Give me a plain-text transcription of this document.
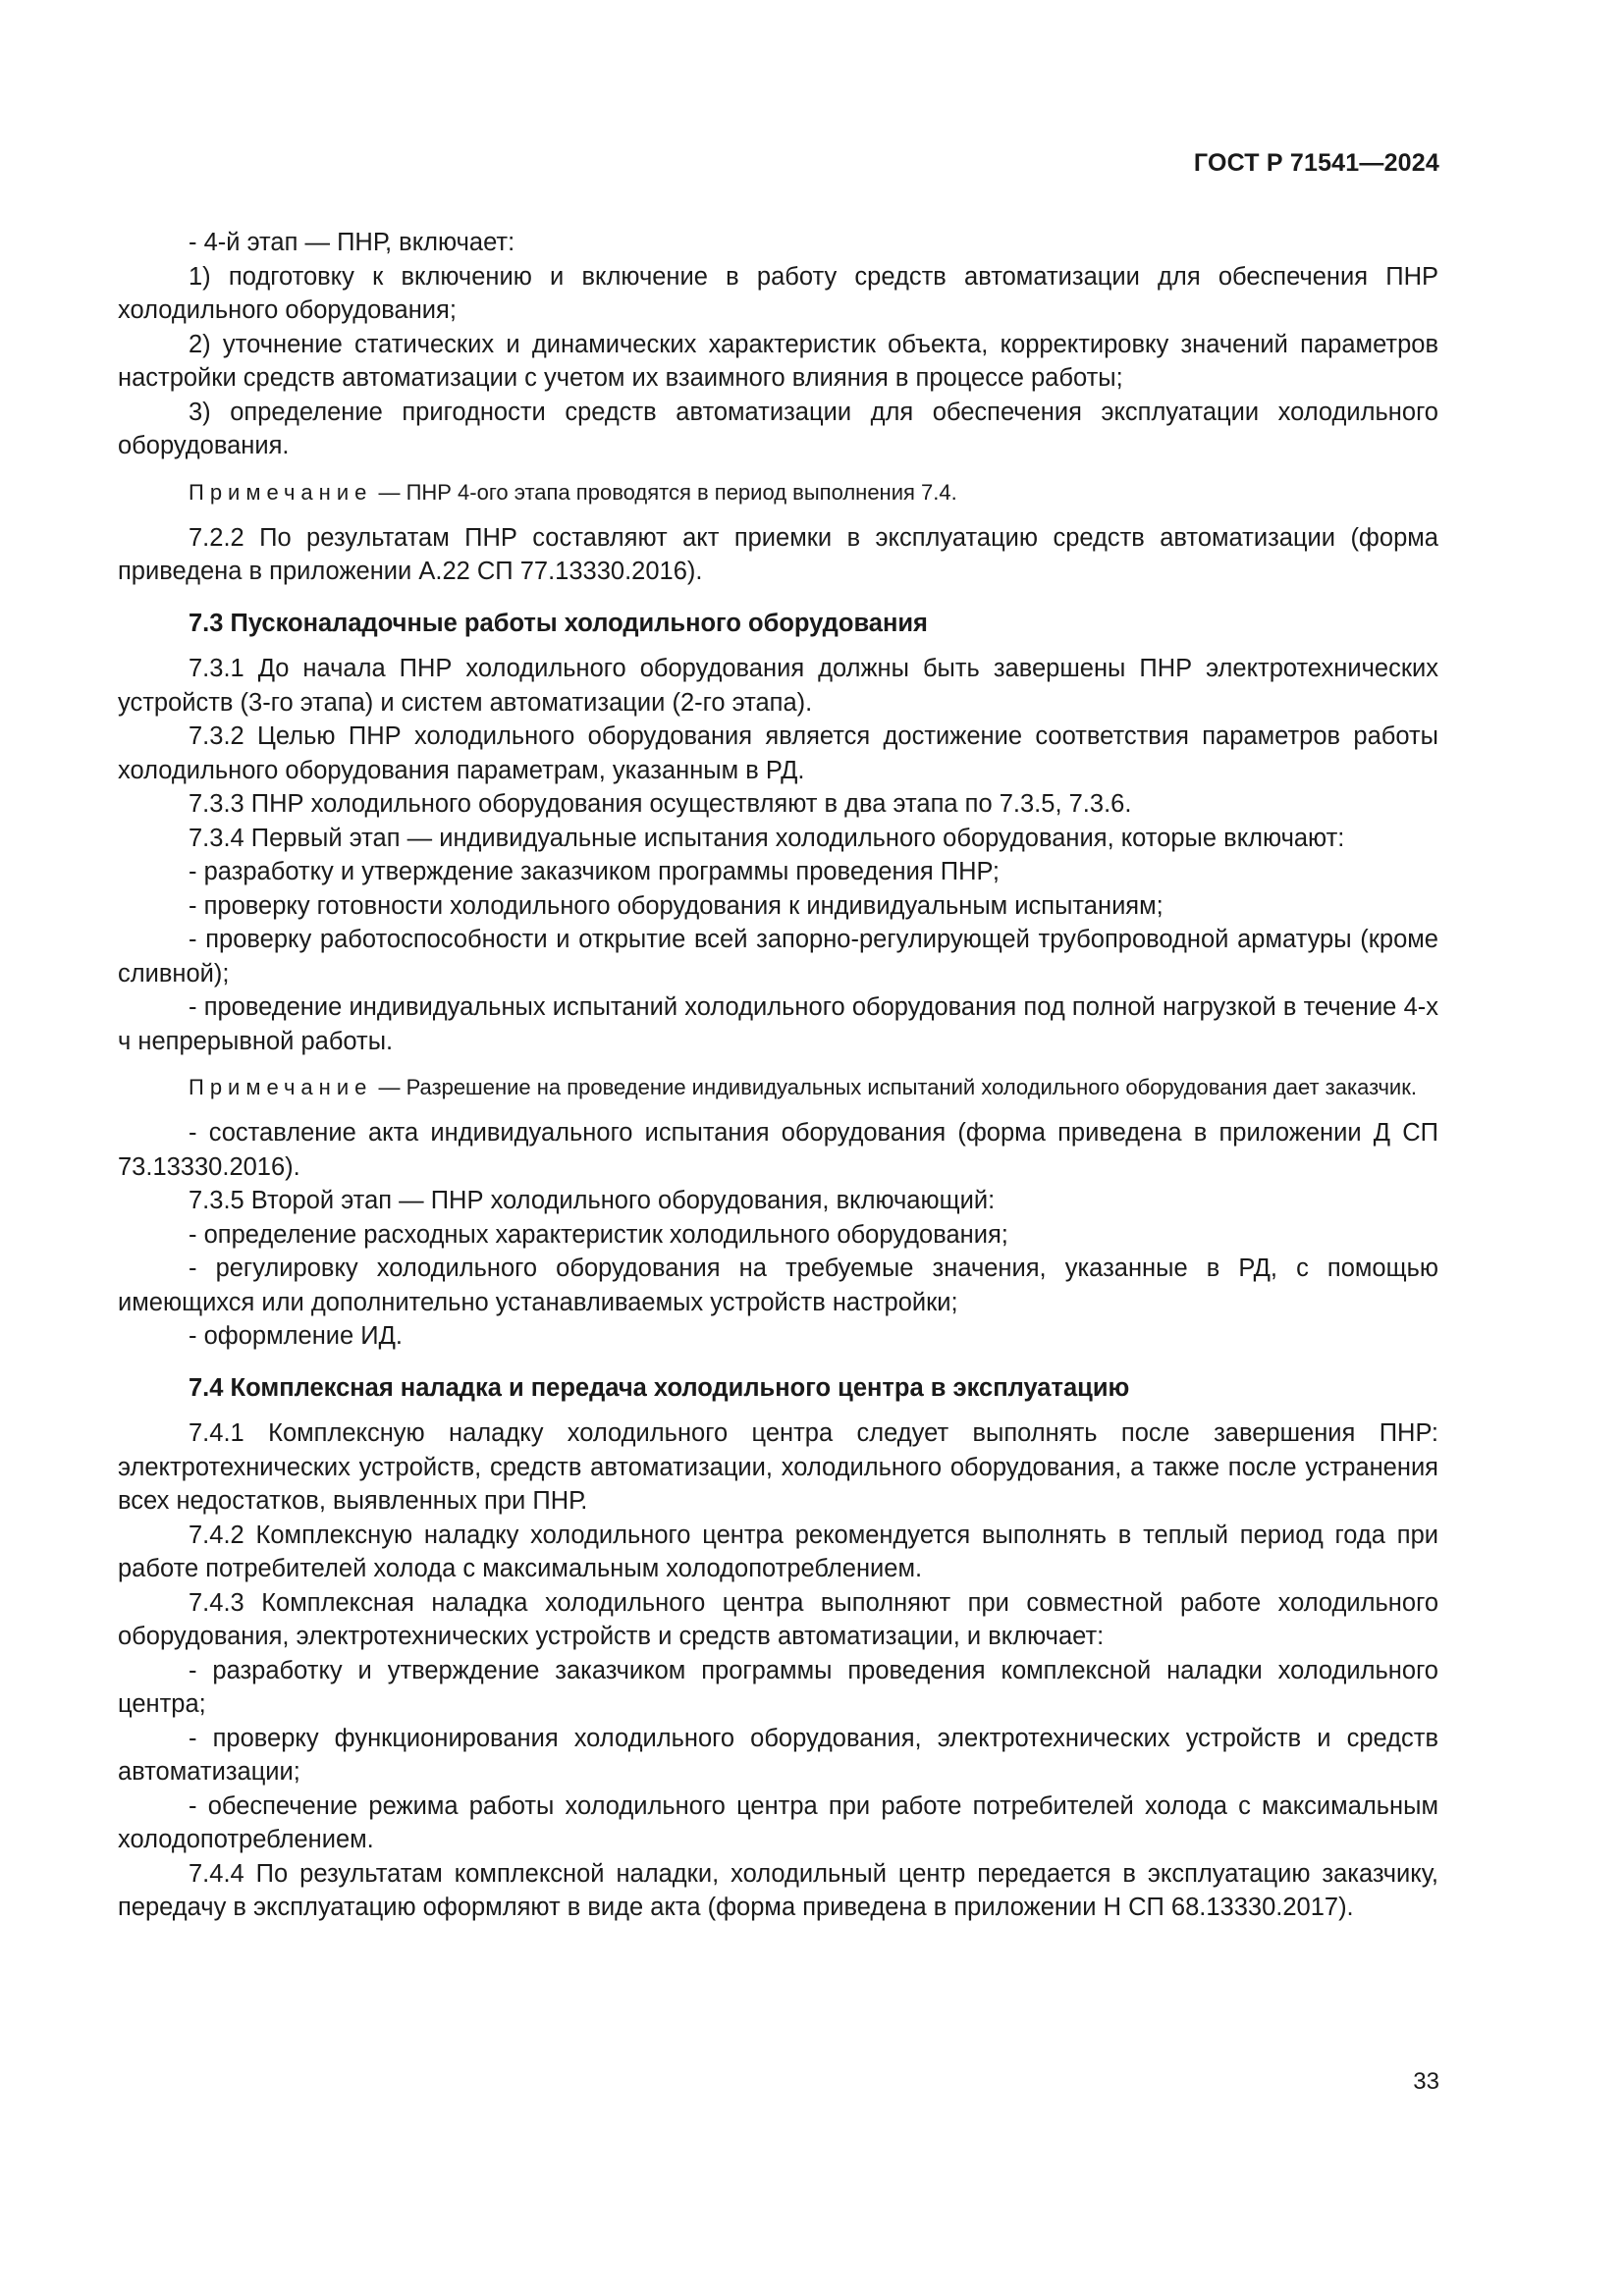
ГОСТ Р 71541—2024

- 4-й этап — ПНР, включает:

1) подготовку к включению и включение в работу средств автоматизации для обеспечения ПНР холодильного оборудования;

2) уточнение статических и динамических характеристик объекта, корректировку значений параметров настройки средств автоматизации с учетом их взаимного влияния в процессе работы;

3) определение пригодности средств автоматизации для обеспечения эксплуатации холодильного оборудования.

Примечание — ПНР 4-ого этапа проводятся в период выполнения 7.4.

7.2.2 По результатам ПНР составляют акт приемки в эксплуатацию средств автоматизации (форма приведена в приложении А.22 СП 77.13330.2016).

7.3 Пусконаладочные работы холодильного оборудования

7.3.1 До начала ПНР холодильного оборудования должны быть завершены ПНР электротехнических устройств (3-го этапа) и систем автоматизации (2-го этапа).

7.3.2 Целью ПНР холодильного оборудования является достижение соответствия параметров работы холодильного оборудования параметрам, указанным в РД.

7.3.3 ПНР холодильного оборудования осуществляют в два этапа по 7.3.5, 7.3.6.

7.3.4 Первый этап — индивидуальные испытания холодильного оборудования, которые включают:

- разработку и утверждение заказчиком программы проведения ПНР;

- проверку готовности холодильного оборудования к индивидуальным испытаниям;

- проверку работоспособности и открытие всей запорно-регулирующей трубопроводной арматуры (кроме сливной);

- проведение индивидуальных испытаний холодильного оборудования под полной нагрузкой в течение 4-х ч непрерывной работы.

Примечание — Разрешение на проведение индивидуальных испытаний холодильного оборудования дает заказчик.

- составление акта индивидуального испытания оборудования (форма приведена в приложении Д СП 73.13330.2016).

7.3.5 Второй этап — ПНР холодильного оборудования, включающий:

- определение расходных характеристик холодильного оборудования;

- регулировку холодильного оборудования на требуемые значения, указанные в РД, с помощью имеющихся или дополнительно устанавливаемых устройств настройки;

- оформление ИД.

7.4 Комплексная наладка и передача холодильного центра в эксплуатацию

7.4.1 Комплексную наладку холодильного центра следует выполнять после завершения ПНР: электротехнических устройств, средств автоматизации, холодильного оборудования, а также после устранения всех недостатков, выявленных при ПНР.

7.4.2 Комплексную наладку холодильного центра рекомендуется выполнять в теплый период года при работе потребителей холода с максимальным холодопотреблением.

7.4.3 Комплексная наладка холодильного центра выполняют при совместной работе холодильного оборудования, электротехнических устройств и средств автоматизации, и включает:

- разработку и утверждение заказчиком программы проведения комплексной наладки холодильного центра;

- проверку функционирования холодильного оборудования, электротехнических устройств и средств автоматизации;

- обеспечение режима работы холодильного центра при работе потребителей холода с максимальным холодопотреблением.

7.4.4 По результатам комплексной наладки, холодильный центр передается в эксплуатацию заказчику, передачу в эксплуатацию оформляют в виде акта (форма приведена в приложении Н СП 68.13330.2017).

33
